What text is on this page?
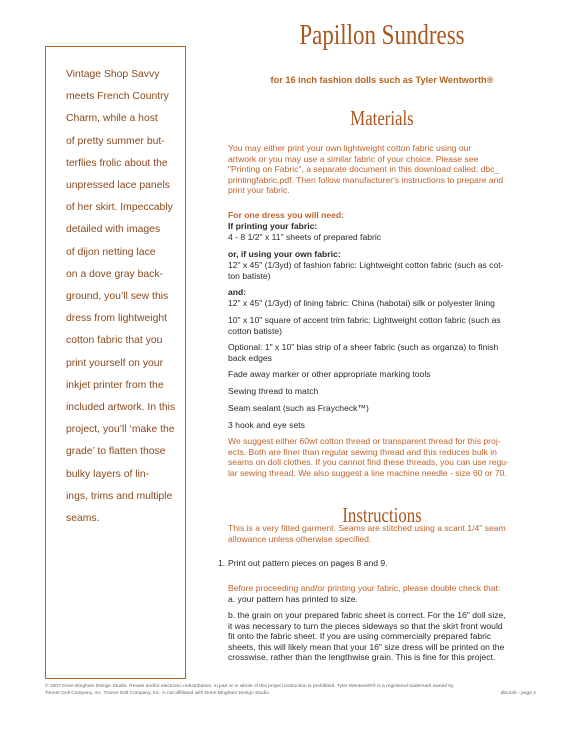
Vintage Shop Savvy
meets French Country
Charm, while a host
of pretty summer but-
terflies frolic about the
unpressed lace panels
of her skirt. Impeccably
detailed with images
of dijon netting lace
on a dove gray back-
ground, you’ll sew this
dress from lightweight
cotton fabric that you
print yourself on your
inkjet printer from the
included artwork. In this
project, you’ll ‘make the
grade’ to flatten those
bulky layers of lin-
ings, trims and multiple
seams.
Papillon Sundress
for 16 inch fashion dolls such as Tyler Wentworth®
Materials
You may either print your own lightweight cotton fabric using our
artwork or you may use a similar fabric of your choice. Please see
"Printing on Fabric", a separate document in this download called: dbc_
printingfabric.pdf. Then follow manufacturer's instructions to prepare and
print your fabric.
For one dress you will need:
If printing your fabric:
4 - 8 1/2" x 11" sheets of prepared fabric
or, if using your own fabric:
12" x 45" (1/3yd) of fashion fabric: Lightweight cotton fabric (such as cot-
ton batiste)
and:
12" x 45" (1/3yd) of lining fabric: China (habotai) silk or polyester lining
10" x 10" square of accent trim fabric: Lightweight cotton fabric (such as
cotton batiste)
Optional: 1" x 10" bias strip of a sheer fabric (such as organza) to finish
back edges
Fade away marker or other appropriate marking tools
Sewing thread to match
Seam sealant (such as Fraycheck™)
3 hook and eye sets
We suggest either 60wt cotton thread or transparent thread for this proj-
ects. Both are finer than regular sewing thread and this reduces bulk in
seams on doll clothes. If you cannot find these threads, you can use regu-
lar sewing thread. We also suggest a line machine needle - size 60 or 70.
Instructions
This is a very fitted garment. Seams are stitched using a scant 1/4" seam
allowance unless otherwise specified.
1. Print out pattern pieces on pages 8 and 9.
Before proceeding and/or printing your fabric, please double check that:
a. your pattern has printed to size.
b. the grain on your prepared fabric sheet is correct. For the 16" doll size,
it was necessary to turn the pieces sideways so that the skirt front would
fit onto the fabric sheet. If you are using commercially prepared fabric
sheets, this will likely mean that your 16" size dress will be printed on the
crosswise, rather than the lengthwise grain. This is fine for this project.
© 2007 Dorie Bingham Design Studio. Resale and/or electronic redistribution, in part or in whole of this project instruction is prohibited. Tyler Wentworth® is a registered trademark owned by
Tonner Doll Company, Inc. Tonner Doll Company, Inc. is not affiliated with Dorie Bingham Design Studio.	dbc44b - page 2
